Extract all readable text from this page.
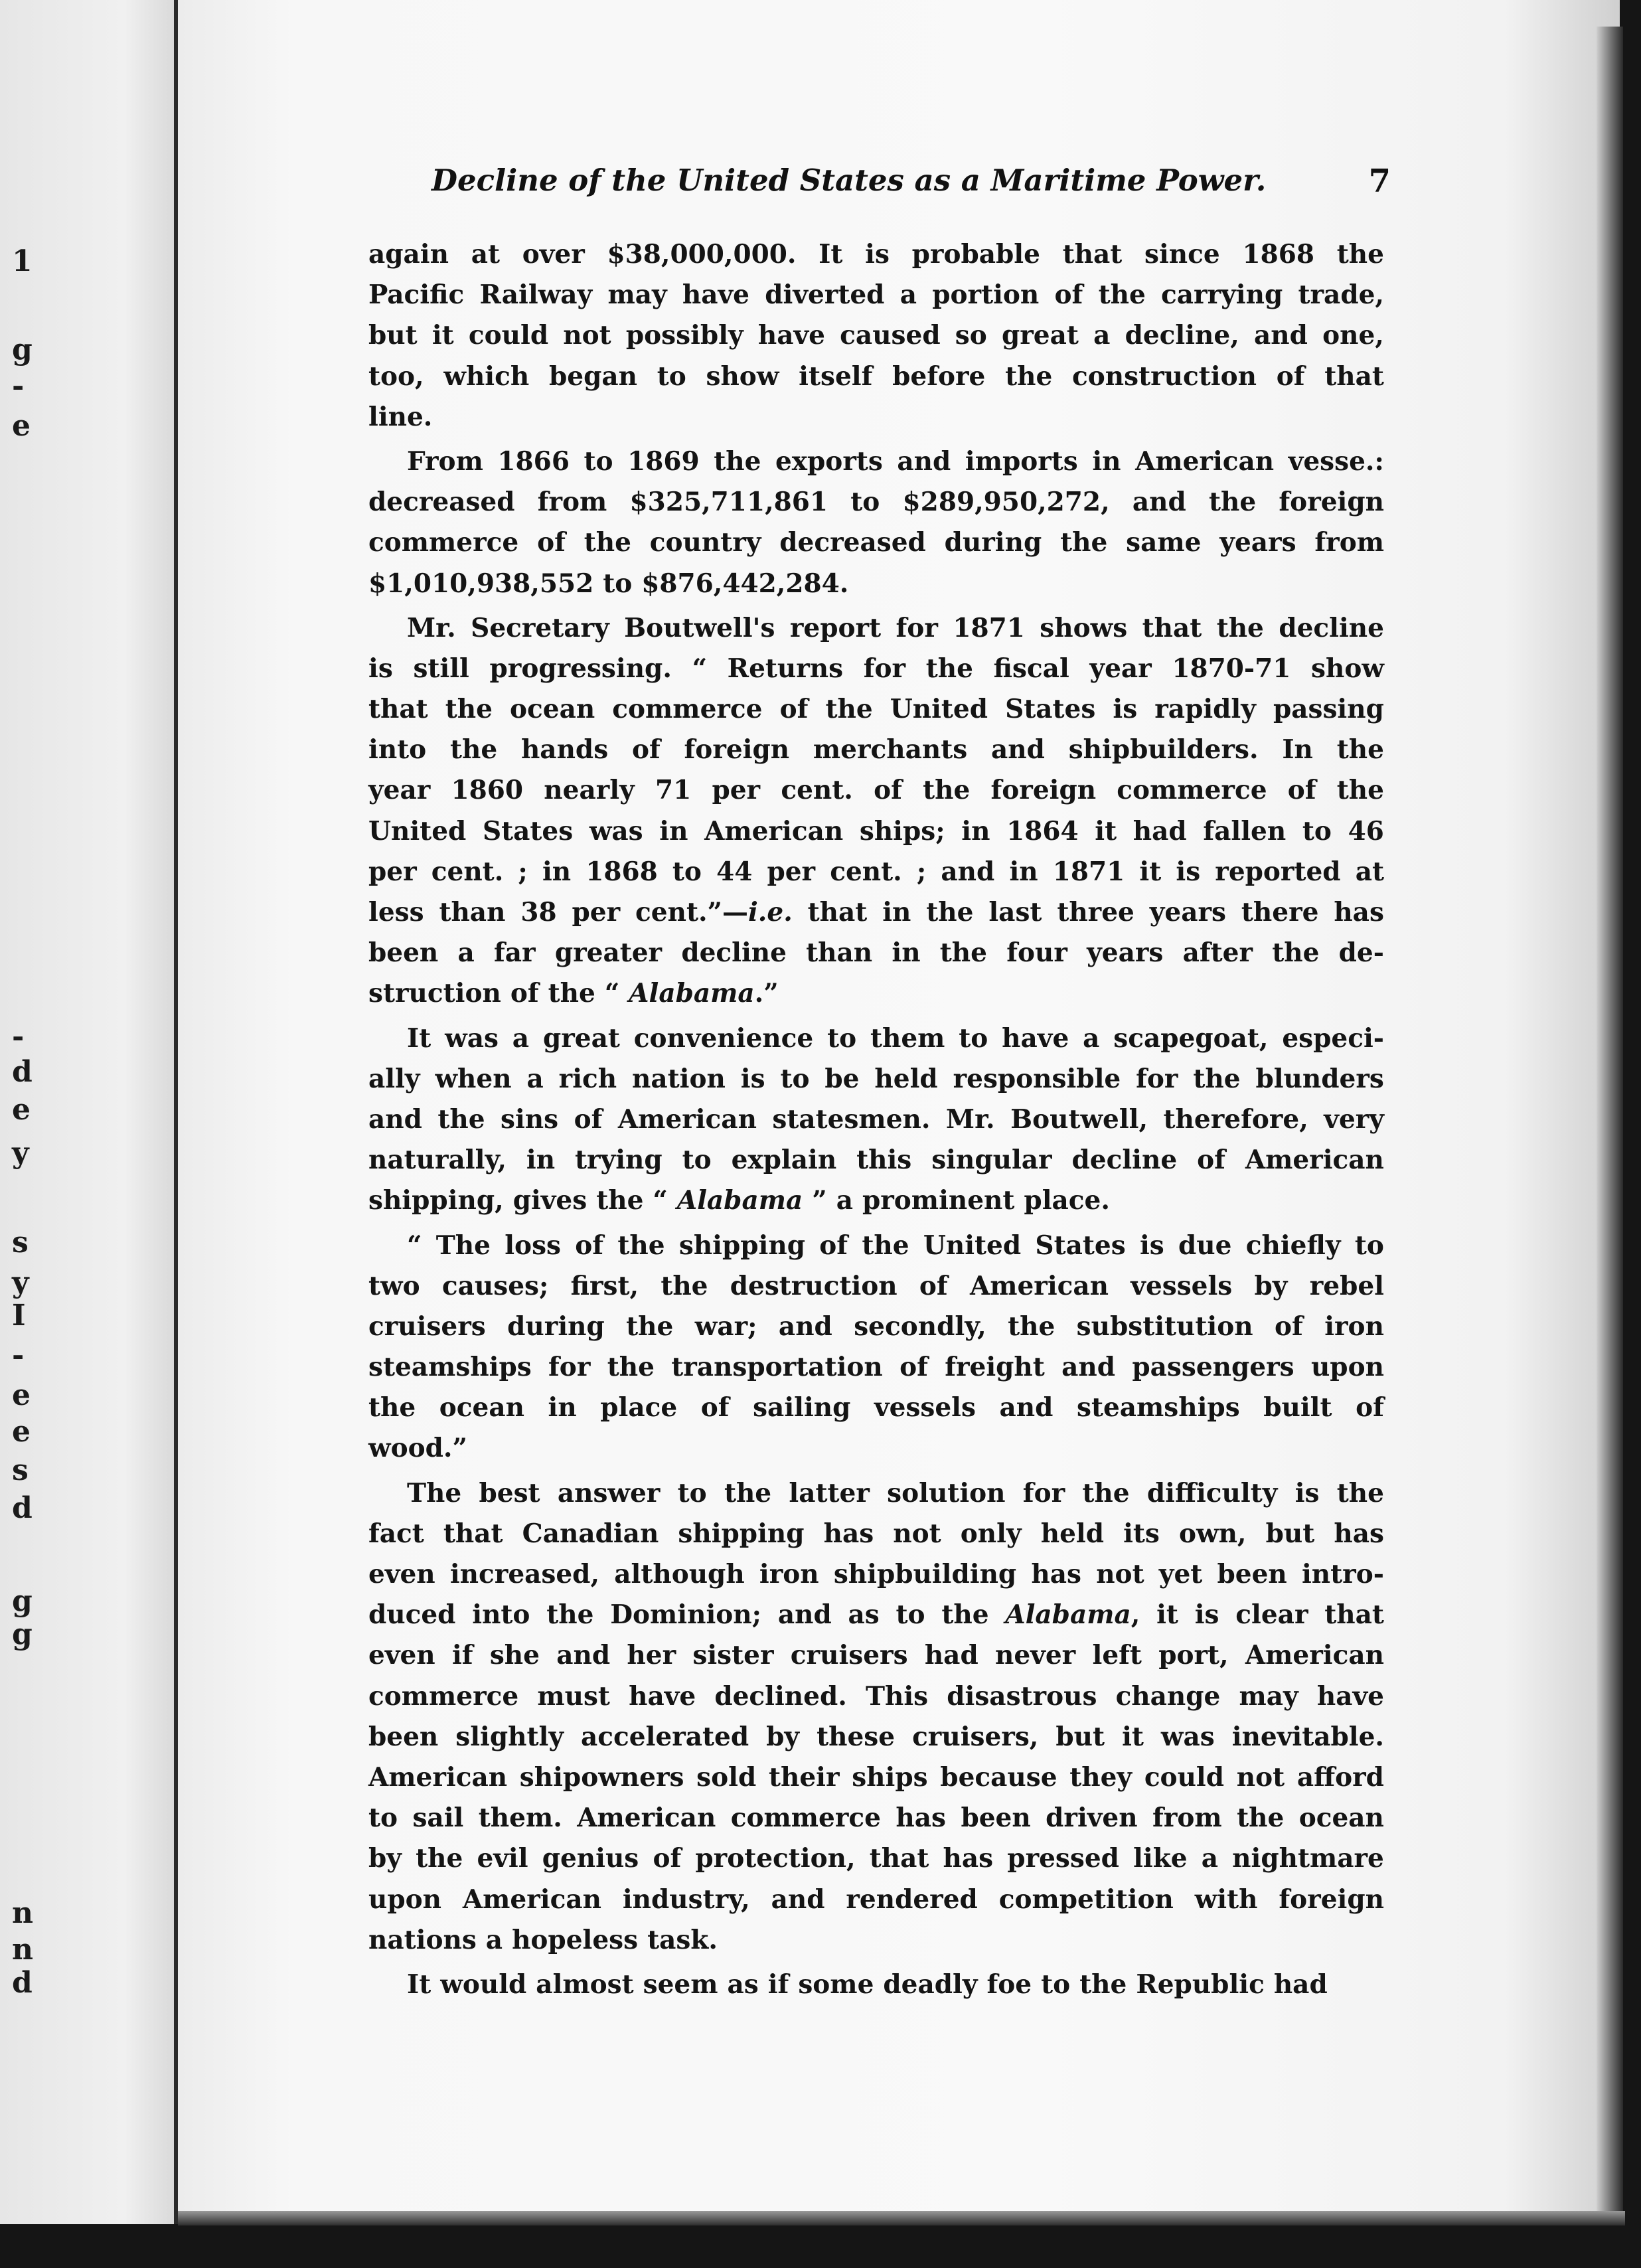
1
g
-
e
-
d
e
y
s
y
I
-
e
e
s
d
g
g
n
n
d
Decline of the United States as a Maritime Power.	7
again at over $38,000,000. It is probable that since 1868 the
Pacific Railway may have diverted a portion of the carrying trade,
but it could not possibly have caused so great a decline, and one,
too, which began to show itself before the construction of that
line.
From 1866 to 1869 the exports and imports in American vesse.:
decreased from $325,711,861 to $289,950,272, and the foreign
commerce of the country decreased during the same years from
$1,010,938,552 to $876,442,284.
Mr. Secretary Boutwell's report for 1871 shows that the decline
is still progressing. “ Returns for the fiscal year 1870-71 show
that the ocean commerce of the United States is rapidly passing
into the hands of foreign merchants and shipbuilders. In the
year 1860 nearly 71 per cent. of the foreign commerce of the
United States was in American ships; in 1864 it had fallen to 46
per cent. ; in 1868 to 44 per cent. ; and in 1871 it is reported at
less than 38 per cent.”—i.e. that in the last three years there has
been a far greater decline than in the four years after the de-
struction of the “ Alabama.”
It was a great convenience to them to have a scapegoat, especi-
ally when a rich nation is to be held responsible for the blunders
and the sins of American statesmen. Mr. Boutwell, therefore, very
naturally, in trying to explain this singular decline of American
shipping, gives the “ Alabama ” a prominent place.
“ The loss of the shipping of the United States is due chiefly to
two causes; first, the destruction of American vessels by rebel
cruisers during the war; and secondly, the substitution of iron
steamships for the transportation of freight and passengers upon
the ocean in place of sailing vessels and steamships built of
wood.”
The best answer to the latter solution for the difficulty is the
fact that Canadian shipping has not only held its own, but has
even increased, although iron shipbuilding has not yet been intro-
duced into the Dominion; and as to the Alabama, it is clear that
even if she and her sister cruisers had never left port, American
commerce must have declined. This disastrous change may have
been slightly accelerated by these cruisers, but it was inevitable.
American shipowners sold their ships because they could not afford
to sail them. American commerce has been driven from the ocean
by the evil genius of protection, that has pressed like a nightmare
upon American industry, and rendered competition with foreign
nations a hopeless task.
It would almost seem as if some deadly foe to the Republic had
